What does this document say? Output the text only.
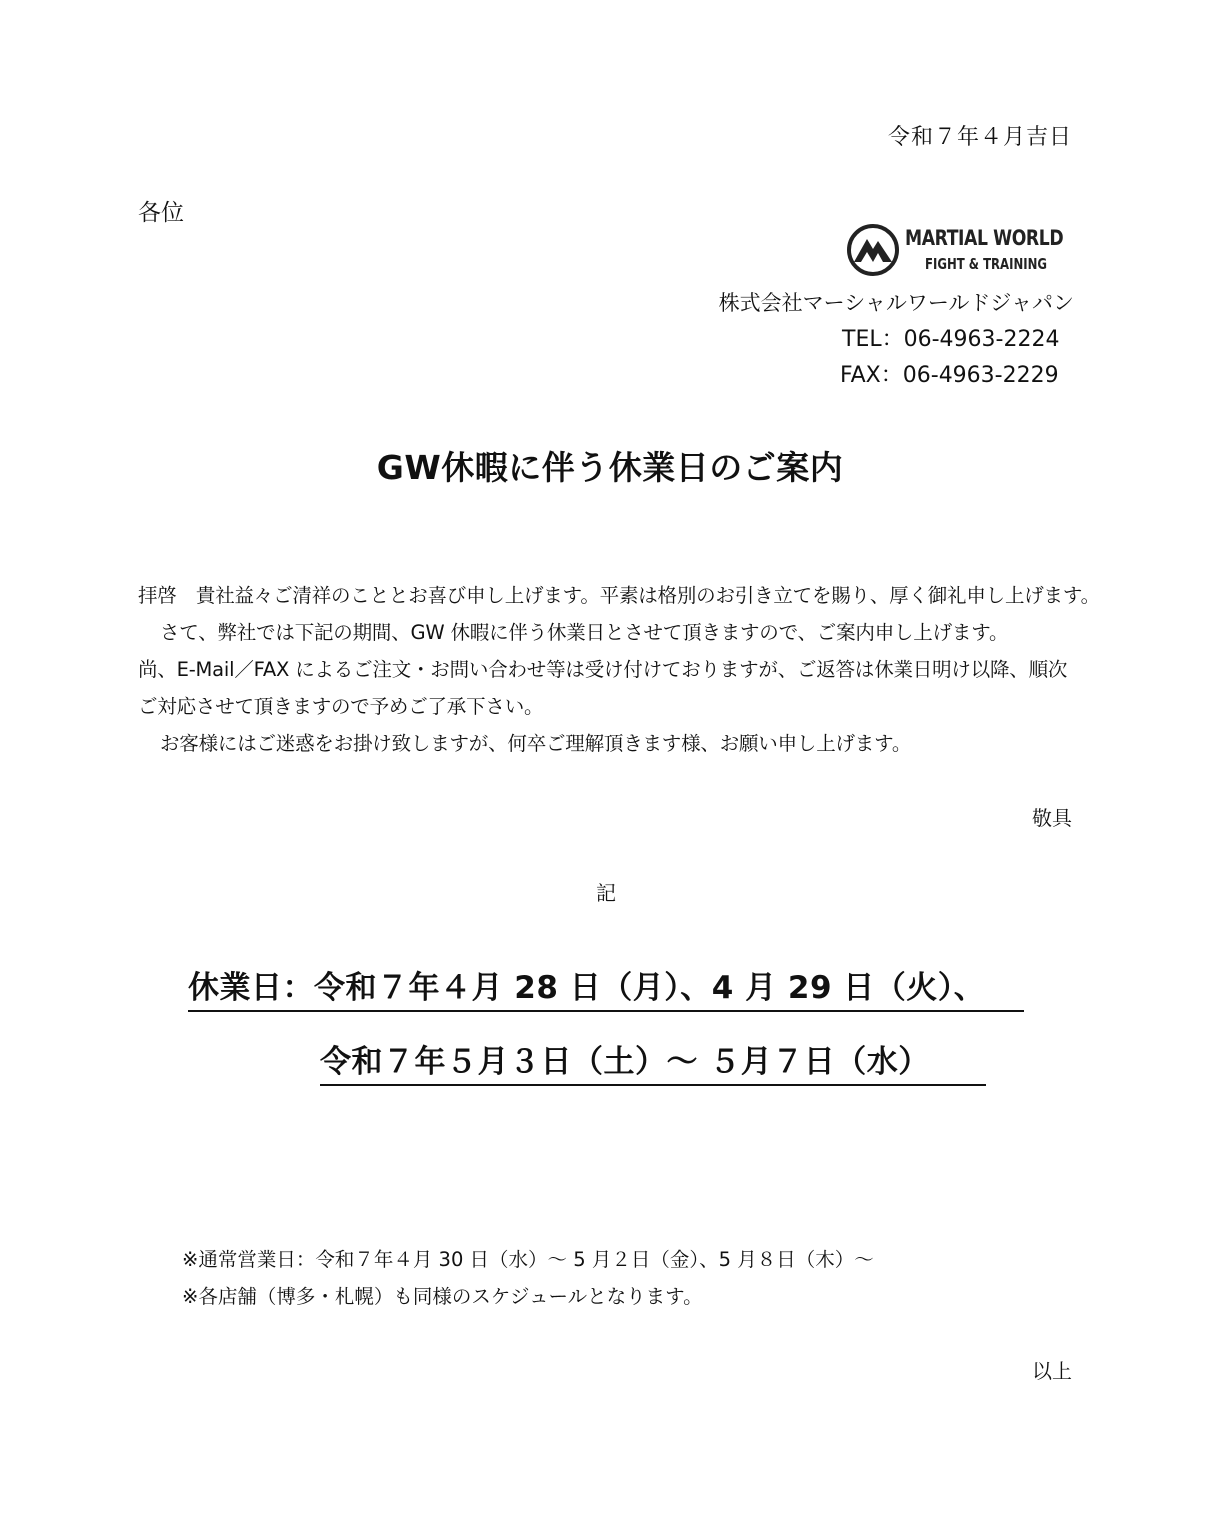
令和７年４月吉日
各位
MARTIAL WORLD
FIGHT & TRAINING
株式会社マーシャルワールドジャパン
TEL：06-4963-2224
FAX：06-4963-2229
GW休暇に伴う休業日のご案内
拝啓　貴社益々ご清祥のこととお喜び申し上げます。平素は格別のお引き立てを賜り、厚く御礼申し上げます。
さて、弊社では下記の期間、GW 休暇に伴う休業日とさせて頂きますので、ご案内申し上げます。
尚、E-Mail／FAX によるご注文・お問い合わせ等は受け付けておりますが、ご返答は休業日明け以降、順次
ご対応させて頂きますので予めご了承下さい。
お客様にはご迷惑をお掛け致しますが、何卒ご理解頂きます様、お願い申し上げます。
敬具
記
休業日：令和７年４月 28 日（月）、4 月 29 日（火）、
令和７年５月３日（土）～ ５月７日（水）
※通常営業日：令和７年４月 30 日（水）～ 5 月２日（金）、5 月８日（木）～
※各店舗（博多・札幌）も同様のスケジュールとなります。
以上
